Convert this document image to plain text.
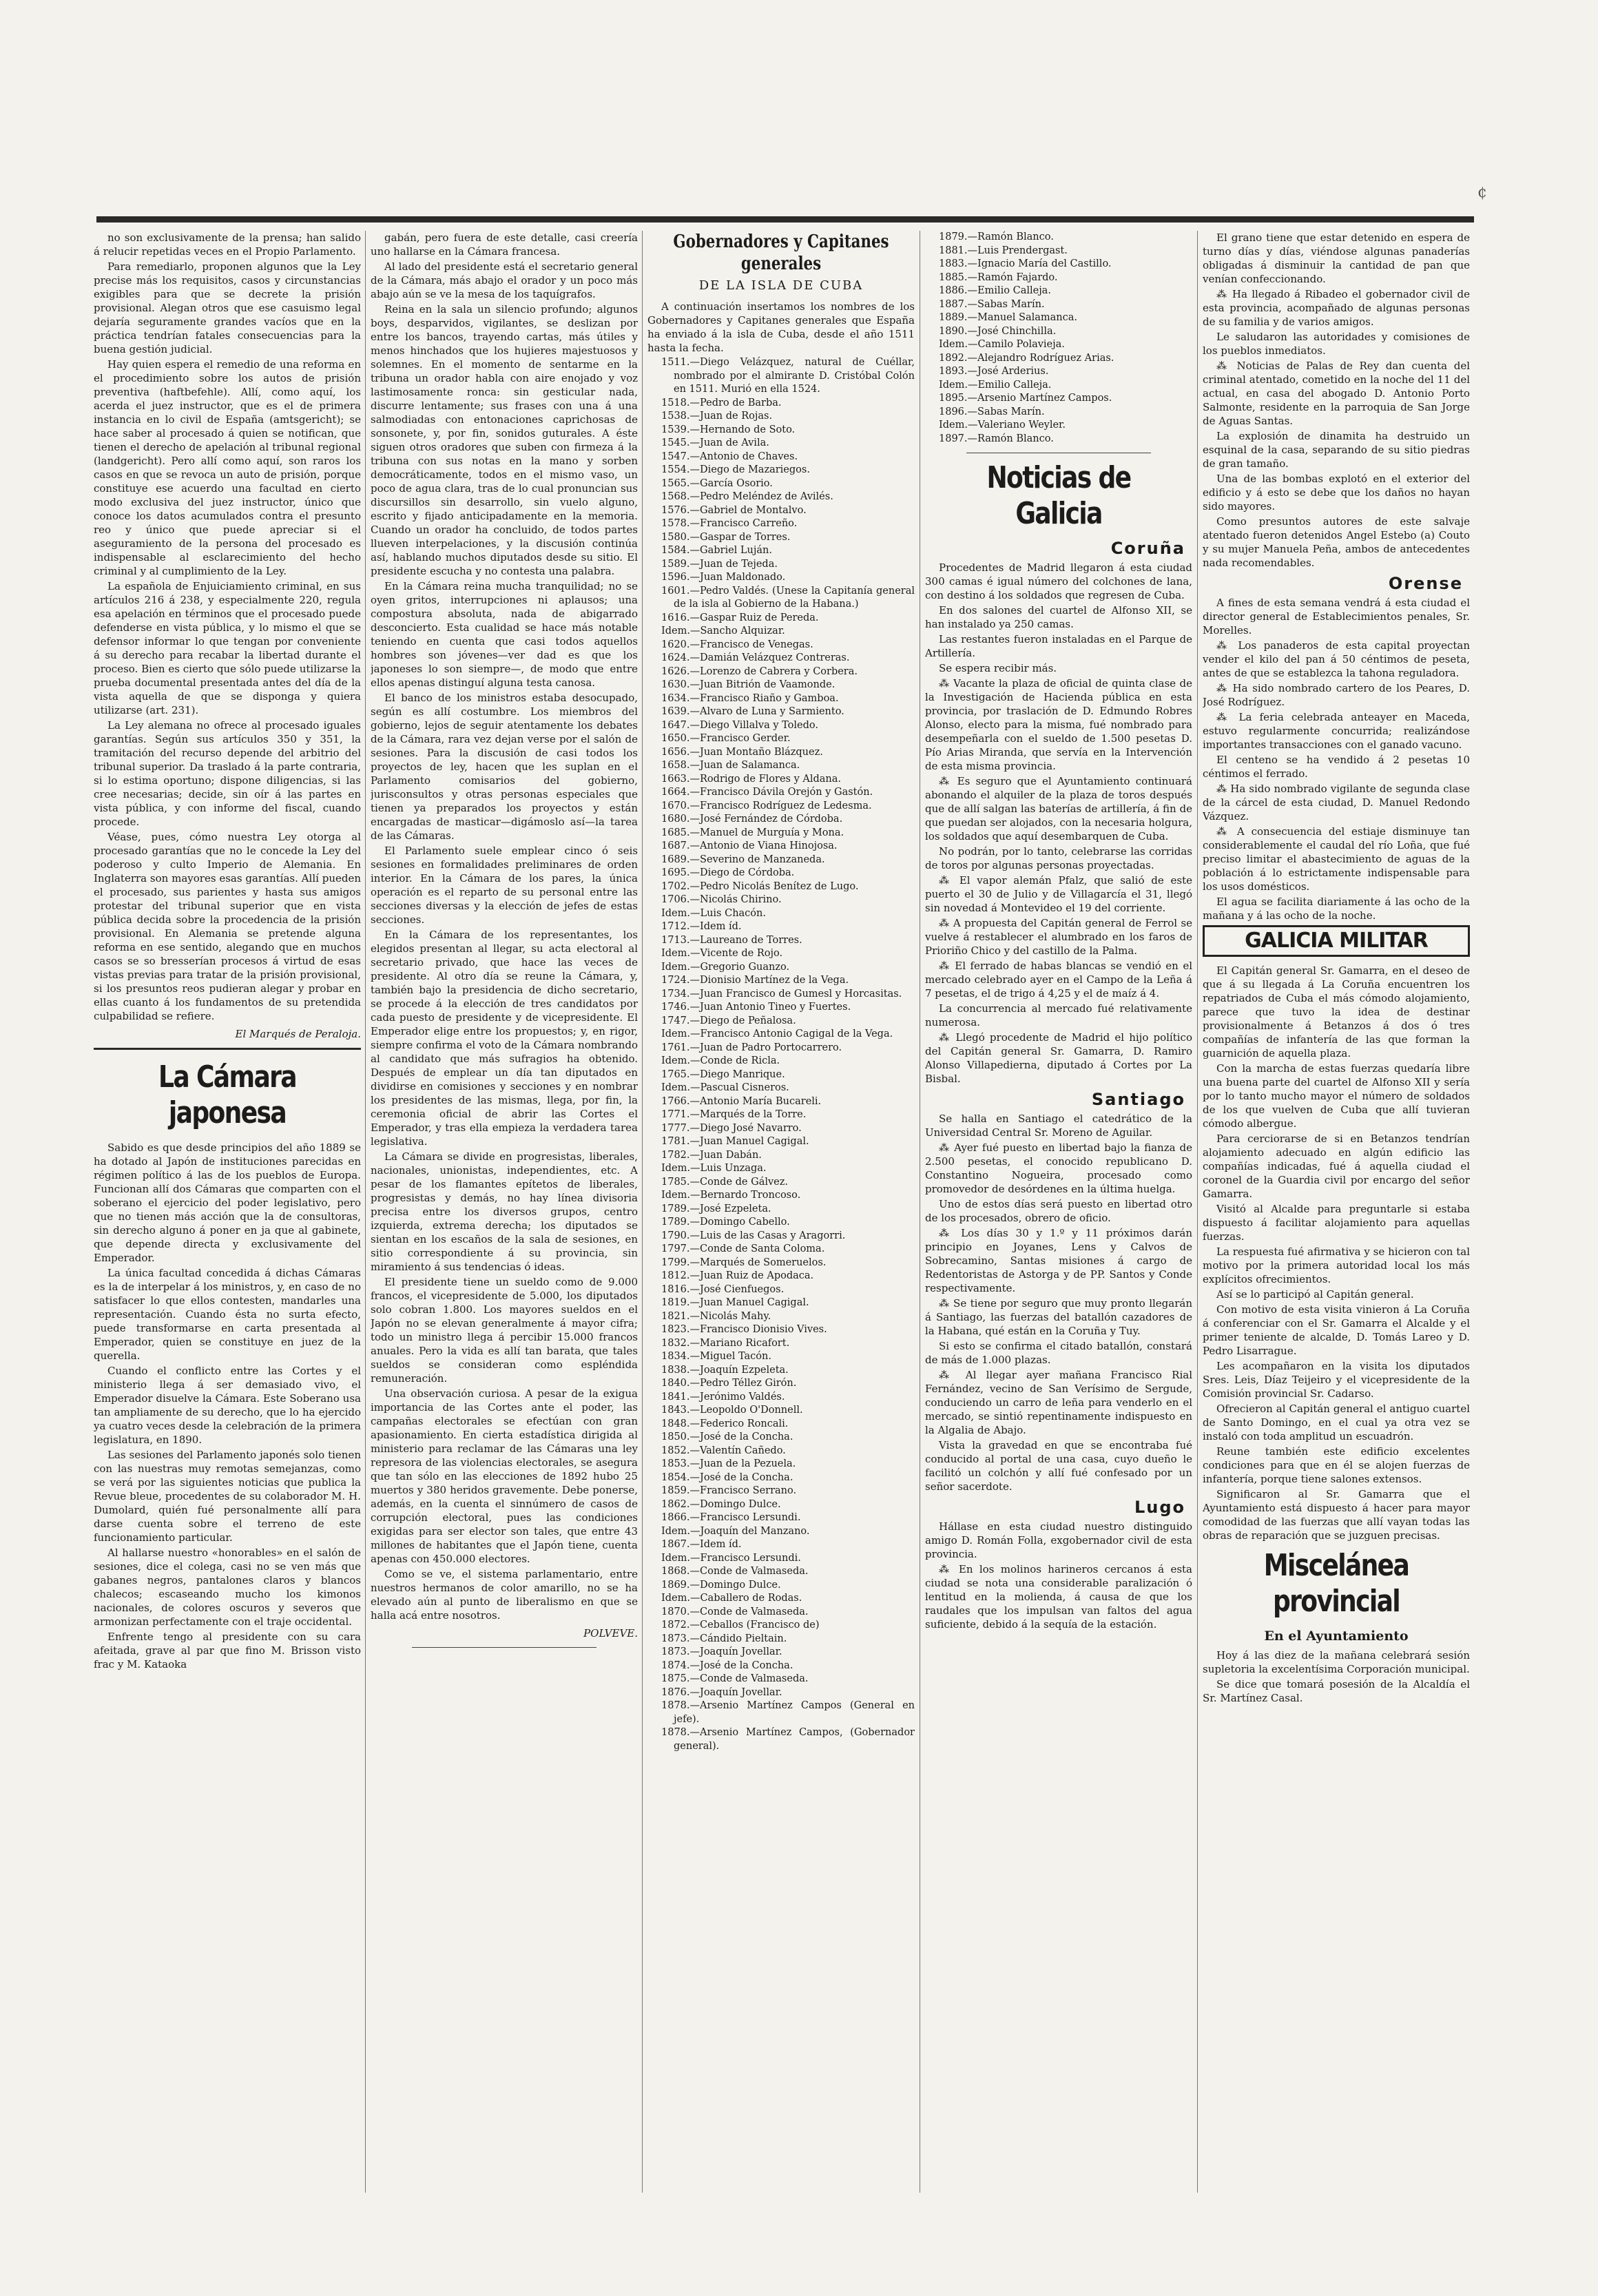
¢

no son exclusivamente de la prensa; han salido á relucir repetidas veces en el Propio Parlamento.

Para remediarlo, proponen algunos que la Ley precise más los requisitos, casos y circunstancias exigibles para que se decrete la prisión provisional. Alegan otros que ese casuismo legal dejaría seguramente grandes vacíos que en la práctica tendrían fatales consecuencias para la buena gestión judicial.

Hay quien espera el remedio de una reforma en el procedimiento sobre los autos de prisión preventiva (haftbefehle). Allí, como aquí, los acerda el juez instructor, que es el de primera instancia en lo civil de España (amtsgericht); se hace saber al procesado á quien se notifican, que tienen el derecho de apelación al tribunal regional (landgericht). Pero allí como aquí, son raros los casos en que se revoca un auto de prisión, porque constituye ese acuerdo una facultad en cierto modo exclusiva del juez instructor, único que conoce los datos acumulados contra el presunto reo y único que puede apreciar si el aseguramiento de la persona del procesado es indispensable al esclarecimiento del hecho criminal y al cumplimiento de la Ley.

La española de Enjuiciamiento criminal, en sus artículos 216 á 238, y especialmente 220, regula esa apelación en términos que el procesado puede defenderse en vista pública, y lo mismo el que se defensor informar lo que tengan por conveniente á su derecho para recabar la libertad durante el proceso. Bien es cierto que sólo puede utilizarse la prueba documental presentada antes del día de la vista aquella de que se disponga y quiera utilizarse (art. 231).

La Ley alemana no ofrece al procesado iguales garantías. Según sus artículos 350 y 351, la tramitación del recurso depende del arbitrio del tribunal superior. Da traslado á la parte contraria, si lo estima oportuno; dispone diligencias, si las cree necesarias; decide, sin oír á las partes en vista pública, y con informe del fiscal, cuando procede.

Véase, pues, cómo nuestra Ley otorga al procesado garantías que no le concede la Ley del poderoso y culto Imperio de Alemania. En Inglaterra son mayores esas garantías. Allí pueden el procesado, sus parientes y hasta sus amigos protestar del tribunal superior que en vista pública decida sobre la procedencia de la prisión provisional. En Alemania se pretende alguna reforma en ese sentido, alegando que en muchos casos se so bresserían procesos á virtud de esas vistas previas para tratar de la prisión provisional, si los presuntos reos pudieran alegar y probar en ellas cuanto á los fundamentos de su pretendida culpabilidad se refiere.

El Marqués de Peraloja.

La Cámara japonesa

Sabido es que desde principios del año 1889 se ha dotado al Japón de instituciones parecidas en régimen político á las de los pueblos de Europa. Funcionan allí dos Cámaras que comparten con el soberano el ejercicio del poder legislativo, pero que no tienen más acción que la de consultoras, sin derecho alguno á poner en ja que al gabinete, que depende directa y exclusivamente del Emperador.

La única facultad concedida á dichas Cámaras es la de interpelar á los ministros, y, en caso de no satisfacer lo que ellos contesten, mandarles una representación. Cuando ésta no surta efecto, puede transformarse en carta presentada al Emperador, quien se constituye en juez de la querella.

Cuando el conflicto entre las Cortes y el ministerio llega á ser demasiado vivo, el Emperador disuelve la Cámara. Este Soberano usa tan ampliamente de su derecho, que lo ha ejercido ya cuatro veces desde la celebración de la primera legislatura, en 1890.

Las sesiones del Parlamento japonés solo tienen con las nuestras muy remotas semejanzas, como se verá por las siguientes noticias que publica la Revue bleue, procedentes de su colaborador M. H. Dumolard, quién fué personalmente allí para darse cuenta sobre el terreno de este funcionamiento particular.

Al hallarse nuestro «honorables» en el salón de sesiones, dice el colega, casi no se ven más que gabanes negros, pantalones claros y blancos chalecos; escaseando mucho los kimonos nacionales, de colores oscuros y severos que armonizan perfectamente con el traje occidental.

Enfrente tengo al presidente con su cara afeitada, grave al par que fino M. Brisson visto frac y M. Kataoka

gabán, pero fuera de este detalle, casi creería uno hallarse en la Cámara francesa.

Al lado del presidente está el secretario general de la Cámara, más abajo el orador y un poco más abajo aún se ve la mesa de los taquígrafos.

Reina en la sala un silencio profundo; algunos boys, desparvidos, vigilantes, se deslizan por entre los bancos, trayendo cartas, más útiles y menos hinchados que los hujieres majestuosos y solemnes. En el momento de sentarme en la tribuna un orador habla con aire enojado y voz lastimosamente ronca: sin gesticular nada, discurre lentamente; sus frases con una á una salmodiadas con entonaciones caprichosas de sonsonete, y, por fin, sonidos guturales. A éste siguen otros oradores que suben con firmeza á la tribuna con sus notas en la mano y sorben democráticamente, todos en el mismo vaso, un poco de agua clara, tras de lo cual pronuncian sus discursillos sin desarrollo, sin vuelo alguno, escrito y fijado anticipadamente en la memoria. Cuando un orador ha concluido, de todos partes llueven interpelaciones, y la discusión continúa así, hablando muchos diputados desde su sitio. El presidente escucha y no contesta una palabra.

En la Cámara reina mucha tranquilidad; no se oyen gritos, interrupciones ni aplausos; una compostura absoluta, nada de abigarrado desconcierto. Esta cualidad se hace más notable teniendo en cuenta que casi todos aquellos hombres son jóvenes—ver dad es que los japoneses lo son siempre—, de modo que entre ellos apenas distinguí alguna testa canosa.

El banco de los ministros estaba desocupado, según es allí costumbre. Los miembros del gobierno, lejos de seguir atentamente los debates de la Cámara, rara vez dejan verse por el salón de sesiones. Para la discusión de casi todos los proyectos de ley, hacen que les suplan en el Parlamento comisarios del gobierno, jurisconsultos y otras personas especiales que tienen ya preparados los proyectos y están encargadas de masticar—digámoslo así—la tarea de las Cámaras.

El Parlamento suele emplear cinco ó seis sesiones en formalidades preliminares de orden interior. En la Cámara de los pares, la única operación es el reparto de su personal entre las secciones diversas y la elección de jefes de estas secciones.

En la Cámara de los representantes, los elegidos presentan al llegar, su acta electoral al secretario privado, que hace las veces de presidente. Al otro día se reune la Cámara, y, también bajo la presidencia de dicho secretario, se procede á la elección de tres candidatos por cada puesto de presidente y de vicepresidente. El Emperador elige entre los propuestos; y, en rigor, siempre confirma el voto de la Cámara nombrando al candidato que más sufragios ha obtenido. Después de emplear un día tan diputados en dividirse en comisiones y secciones y en nombrar los presidentes de las mismas, llega, por fin, la ceremonia oficial de abrir las Cortes el Emperador, y tras ella empieza la verdadera tarea legislativa.

La Cámara se divide en progresistas, liberales, nacionales, unionistas, independientes, etc. A pesar de los flamantes epítetos de liberales, progresistas y demás, no hay línea divisoria precisa entre los diversos grupos, centro izquierda, extrema derecha; los diputados se sientan en los escaños de la sala de sesiones, en sitio correspondiente á su provincia, sin miramiento á sus tendencias ó ideas.

El presidente tiene un sueldo como de 9.000 francos, el vicepresidente de 5.000, los diputados solo cobran 1.800. Los mayores sueldos en el Japón no se elevan generalmente á mayor cifra; todo un ministro llega á percibir 15.000 francos anuales. Pero la vida es allí tan barata, que tales sueldos se consideran como espléndida remuneración.

Una observación curiosa. A pesar de la exigua importancia de las Cortes ante el poder, las campañas electorales se efectúan con gran apasionamiento. En cierta estadística dirigida al ministerio para reclamar de las Cámaras una ley represora de las violencias electorales, se asegura que tan sólo en las elecciones de 1892 hubo 25 muertos y 380 heridos gravemente. Debe ponerse, además, en la cuenta el sinnúmero de casos de corrupción electoral, pues las condiciones exigidas para ser elector son tales, que entre 43 millones de habitantes que el Japón tiene, cuenta apenas con 450.000 electores.

Como se ve, el sistema parlamentario, entre nuestros hermanos de color amarillo, no se ha elevado aún al punto de liberalismo en que se halla acá entre nosotros.

POLVEVE.

Gobernadores y Capitanes generales
DE LA ISLA DE CUBA

A continuación insertamos los nombres de los Gobernadores y Capitanes generales que España ha enviado á la isla de Cuba, desde el año 1511 hasta la fecha.

1511.—Diego Velázquez, natural de Cuéllar, nombrado por el almirante D. Cristóbal Colón en 1511. Murió en ella 1524.
1518.—Pedro de Barba.
1538.—Juan de Rojas.
1539.—Hernando de Soto.
1545.—Juan de Avila.
1547.—Antonio de Chaves.
1554.—Diego de Mazariegos.
1565.—García Osorio.
1568.—Pedro Meléndez de Avilés.
1576.—Gabriel de Montalvo.
1578.—Francisco Carreño.
1580.—Gaspar de Torres.
1584.—Gabriel Luján.
1589.—Juan de Tejeda.
1596.—Juan Maldonado.
1601.—Pedro Valdés. (Unese la Capitanía general de la isla al Gobierno de la Habana.)
1616.—Gaspar Ruiz de Pereda.
Idem.—Sancho Alquizar.
1620.—Francisco de Venegas.
1624.—Damián Velázquez Contreras.
1626.—Lorenzo de Cabrera y Corbera.
1630.—Juan Bitrión de Vaamonde.
1634.—Francisco Riaño y Gamboa.
1639.—Alvaro de Luna y Sarmiento.
1647.—Diego Villalva y Toledo.
1650.—Francisco Gerder.
1656.—Juan Montaño Blázquez.
1658.—Juan de Salamanca.
1663.—Rodrigo de Flores y Aldana.
1664.—Francisco Dávila Orejón y Gastón.
1670.—Francisco Rodríguez de Ledesma.
1680.—José Fernández de Córdoba.
1685.—Manuel de Murguía y Mona.
1687.—Antonio de Viana Hinojosa.
1689.—Severino de Manzaneda.
1695.—Diego de Córdoba.
1702.—Pedro Nicolás Benítez de Lugo.
1706.—Nicolás Chirino.
Idem.—Luis Chacón.
1712.—Idem íd.
1713.—Laureano de Torres.
Idem.—Vicente de Rojo.
Idem.—Gregorio Guanzo.
1724.—Dionisio Martínez de la Vega.
1734.—Juan Francisco de Gumesl y Horcasitas.
1746.—Juan Antonio Tineo y Fuertes.
1747.—Diego de Peñalosa.
Idem.—Francisco Antonio Cagigal de la Vega.
1761.—Juan de Padro Portocarrero.
Idem.—Conde de Ricla.
1765.—Diego Manrique.
Idem.—Pascual Cisneros.
1766.—Antonio María Bucareli.
1771.—Marqués de la Torre.
1777.—Diego José Navarro.
1781.—Juan Manuel Cagigal.
1782.—Juan Dabán.
Idem.—Luis Unzaga.
1785.—Conde de Gálvez.
Idem.—Bernardo Troncoso.
1789.—José Ezpeleta.
1789.—Domingo Cabello.
1790.—Luis de las Casas y Aragorri.
1797.—Conde de Santa Coloma.
1799.—Marqués de Someruelos.
1812.—Juan Ruiz de Apodaca.
1816.—José Cienfuegos.
1819.—Juan Manuel Cagigal.
1821.—Nicolás Mahy.
1823.—Francisco Dionisio Vives.
1832.—Mariano Ricafort.
1834.—Miguel Tacón.
1838.—Joaquín Ezpeleta.
1840.—Pedro Téllez Girón.
1841.—Jerónimo Valdés.
1843.—Leopoldo O'Donnell.
1848.—Federico Roncali.
1850.—José de la Concha.
1852.—Valentín Cañedo.
1853.—Juan de la Pezuela.
1854.—José de la Concha.
1859.—Francisco Serrano.
1862.—Domingo Dulce.
1866.—Francisco Lersundi.
Idem.—Joaquín del Manzano.
1867.—Idem íd.
Idem.—Francisco Lersundi.
1868.—Conde de Valmaseda.
1869.—Domingo Dulce.
Idem.—Caballero de Rodas.
1870.—Conde de Valmaseda.
1872.—Ceballos (Francisco de)
1873.—Cándido Pieltain.
1873.—Joaquín Jovellar.
1874.—José de la Concha.
1875.—Conde de Valmaseda.
1876.—Joaquín Jovellar.
1878.—Arsenio Martínez Campos (General en jefe).
1878.—Arsenio Martínez Campos, (Gobernador general).
1879.—Ramón Blanco.
1881.—Luis Prendergast.
1883.—Ignacio María del Castillo.
1885.—Ramón Fajardo.
1886.—Emilio Calleja.
1887.—Sabas Marín.
1889.—Manuel Salamanca.
1890.—José Chinchilla.
Idem.—Camilo Polavieja.
1892.—Alejandro Rodríguez Arias.
1893.—José Arderius.
Idem.—Emilio Calleja.
1895.—Arsenio Martínez Campos.
1896.—Sabas Marín.
Idem.—Valeriano Weyler.
1897.—Ramón Blanco.
Noticias de Galicia
Coruña

Procedentes de Madrid llegaron á esta ciudad 300 camas é igual número del colchones de lana, con destino á los soldados que regresen de Cuba.

En dos salones del cuartel de Alfonso XII, se han instalado ya 250 camas.

Las restantes fueron instaladas en el Parque de Artillería.

Se espera recibir más.

⁂ Vacante la plaza de oficial de quinta clase de la Investigación de Hacienda pública en esta provincia, por traslación de D. Edmundo Robres Alonso, electo para la misma, fué nombrado para desempeñarla con el sueldo de 1.500 pesetas D. Pío Arias Miranda, que servía en la Intervención de esta misma provincia.

⁂ Es seguro que el Ayuntamiento continuará abonando el alquiler de la plaza de toros después que de allí salgan las baterías de artillería, á fin de que puedan ser alojados, con la necesaria holgura, los soldados que aquí desembarquen de Cuba.

No podrán, por lo tanto, celebrarse las corridas de toros por algunas personas proyectadas.

⁂ El vapor alemán Pfalz, que salió de este puerto el 30 de Julio y de Villagarcía el 31, llegó sin novedad á Montevideo el 19 del corriente.

⁂ A propuesta del Capitán general de Ferrol se vuelve á restablecer el alumbrado en los faros de Prioriño Chico y del castillo de la Palma.

⁂ El ferrado de habas blancas se vendió en el mercado celebrado ayer en el Campo de la Leña á 7 pesetas, el de trigo á 4,25 y el de maíz á 4.

La concurrencia al mercado fué relativamente numerosa.

⁂ Llegó procedente de Madrid el hijo político del Capitán general Sr. Gamarra, D. Ramiro Alonso Villapedierna, diputado á Cortes por La Bisbal.

Santiago

Se halla en Santiago el catedrático de la Universidad Central Sr. Moreno de Aguilar.

⁂ Ayer fué puesto en libertad bajo la fianza de 2.500 pesetas, el conocido republicano D. Constantino Nogueira, procesado como promovedor de desórdenes en la última huelga.

Uno de estos días será puesto en libertad otro de los procesados, obrero de oficio.

⁂ Los días 30 y 1.º y 11 próximos darán principio en Joyanes, Lens y Calvos de Sobrecamino, Santas misiones á cargo de Redentoristas de Astorga y de PP. Santos y Conde respectivamente.

⁂ Se tiene por seguro que muy pronto llegarán á Santiago, las fuerzas del batallón cazadores de la Habana, qué están en la Coruña y Tuy.

Si esto se confirma el citado batallón, constará de más de 1.000 plazas.

⁂ Al llegar ayer mañana Francisco Rial Fernández, vecino de San Verísimo de Sergude, conduciendo un carro de leña para venderlo en el mercado, se sintió repentinamente indispuesto en la Algalia de Abajo.

Vista la gravedad en que se encontraba fué conducido al portal de una casa, cuyo dueño le facilitó un colchón y allí fué confesado por un señor sacerdote.

Lugo

Hállase en esta ciudad nuestro distinguido amigo D. Román Folla, exgobernador civil de esta provincia.

⁂ En los molinos harineros cercanos á esta ciudad se nota una considerable paralización ó lentitud en la molienda, á causa de que los raudales que los impulsan van faltos del agua suficiente, debido á la sequía de la estación.

El grano tiene que estar detenido en espera de turno días y días, viéndose algunas panaderías obligadas á disminuir la cantidad de pan que venían confeccionando.

⁂ Ha llegado á Ribadeo el gobernador civil de esta provincia, acompañado de algunas personas de su familia y de varios amigos.

Le saludaron las autoridades y comisiones de los pueblos inmediatos.

⁂ Noticias de Palas de Rey dan cuenta del criminal atentado, cometido en la noche del 11 del actual, en casa del abogado D. Antonio Porto Salmonte, residente en la parroquia de San Jorge de Aguas Santas.

La explosión de dinamita ha destruido un esquinal de la casa, separando de su sitio piedras de gran tamaño.

Una de las bombas explotó en el exterior del edificio y á esto se debe que los daños no hayan sido mayores.

Como presuntos autores de este salvaje atentado fueron detenidos Angel Estebo (a) Couto y su mujer Manuela Peña, ambos de antecedentes nada recomendables.

Orense

A fines de esta semana vendrá á esta ciudad el director general de Establecimientos penales, Sr. Morelles.

⁂ Los panaderos de esta capital proyectan vender el kilo del pan á 50 céntimos de peseta, antes de que se establezca la tahona reguladora.

⁂ Ha sido nombrado cartero de los Peares, D. José Rodríguez.

⁂ La feria celebrada anteayer en Maceda, estuvo regularmente concurrida; realizándose importantes transacciones con el ganado vacuno.

El centeno se ha vendido á 2 pesetas 10 céntimos el ferrado.

⁂ Ha sido nombrado vigilante de segunda clase de la cárcel de esta ciudad, D. Manuel Redondo Vázquez.

⁂ A consecuencia del estiaje disminuye tan considerablemente el caudal del río Loña, que fué preciso limitar el abastecimiento de aguas de la población á lo estrictamente indispensable para los usos domésticos.

El agua se facilita diariamente á las ocho de la mañana y á las ocho de la noche.

GALICIA MILITAR

El Capitán general Sr. Gamarra, en el deseo de que á su llegada á La Coruña encuentren los repatriados de Cuba el más cómodo alojamiento, parece que tuvo la idea de destinar provisionalmente á Betanzos á dos ó tres compañías de infantería de las que forman la guarnición de aquella plaza.

Con la marcha de estas fuerzas quedaría libre una buena parte del cuartel de Alfonso XII y sería por lo tanto mucho mayor el número de soldados de los que vuelven de Cuba que allí tuvieran cómodo albergue.

Para cerciorarse de si en Betanzos tendrían alojamiento adecuado en algún edificio las compañías indicadas, fué á aquella ciudad el coronel de la Guardia civil por encargo del señor Gamarra.

Visitó al Alcalde para preguntarle si estaba dispuesto á facilitar alojamiento para aquellas fuerzas.

La respuesta fué afirmativa y se hicieron con tal motivo por la primera autoridad local los más explícitos ofrecimientos.

Así se lo participó al Capitán general.

Con motivo de esta visita vinieron á La Coruña á conferenciar con el Sr. Gamarra el Alcalde y el primer teniente de alcalde, D. Tomás Lareo y D. Pedro Lisarrague.

Les acompañaron en la visita los diputados Sres. Leis, Díaz Teijeiro y el vicepresidente de la Comisión provincial Sr. Cadarso.

Ofrecieron al Capitán general el antiguo cuartel de Santo Domingo, en el cual ya otra vez se instaló con toda amplitud un escuadrón.

Reune también este edificio excelentes condiciones para que en él se alojen fuerzas de infantería, porque tiene salones extensos.

Significaron al Sr. Gamarra que el Ayuntamiento está dispuesto á hacer para mayor comodidad de las fuerzas que allí vayan todas las obras de reparación que se juzguen precisas.

Miscelánea provincial
En el Ayuntamiento

Hoy á las diez de la mañana celebrará sesión supletoria la excelentísima Corporación municipal.

Se dice que tomará posesión de la Alcaldía el Sr. Martínez Casal.
